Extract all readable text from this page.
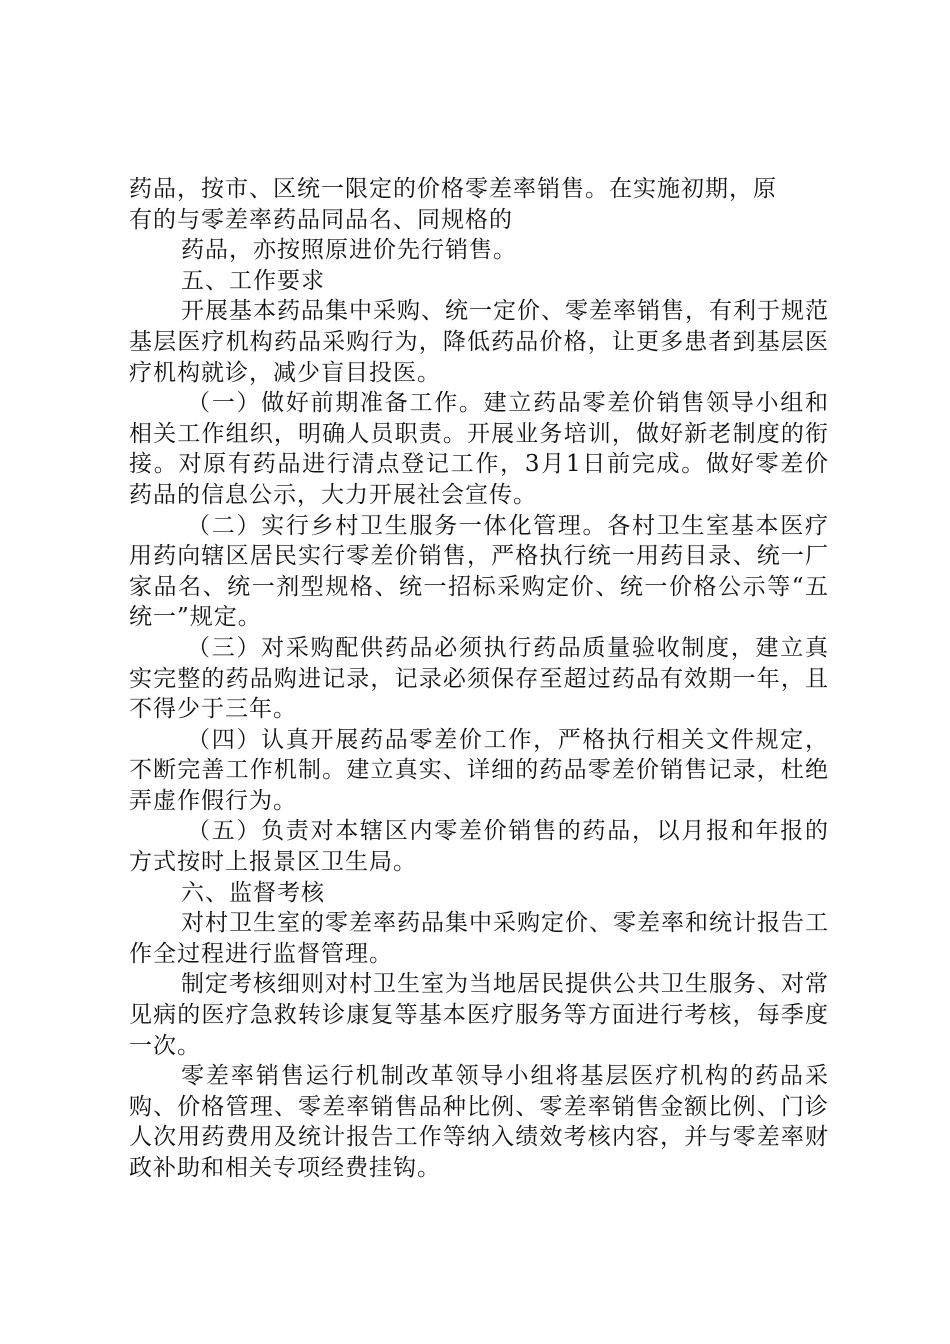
药品，按市、区统一限定的价格零差率销售。在实施初期，原
有的与零差率药品同品名、同规格的

药品，亦按照原进价先行销售。

五、工作要求

开展基本药品集中采购、统一定价、零差率销售，有利于规范基层医疗机构药品采购行为，降低药品价格，让更多患者到基层医疗机构就诊，减少盲目投医。

（一）做好前期准备工作。建立药品零差价销售领导小组和相关工作组织，明确人员职责。开展业务培训，做好新老制度的衔接。对原有药品进行清点登记工作，3月1日前完成。做好零差价药品的信息公示，大力开展社会宣传。

（二）实行乡村卫生服务一体化管理。各村卫生室基本医疗用药向辖区居民实行零差价销售，严格执行统一用药目录、统一厂家品名、统一剂型规格、统一招标采购定价、统一价格公示等“五统一”规定。

（三）对采购配供药品必须执行药品质量验收制度，建立真实完整的药品购进记录，记录必须保存至超过药品有效期一年，且不得少于三年。

（四）认真开展药品零差价工作，严格执行相关文件规定，不断完善工作机制。建立真实、详细的药品零差价销售记录，杜绝弄虚作假行为。

（五）负责对本辖区内零差价销售的药品，以月报和年报的方式按时上报景区卫生局。

六、监督考核

对村卫生室的零差率药品集中采购定价、零差率和统计报告工作全过程进行监督管理。

制定考核细则对村卫生室为当地居民提供公共卫生服务、对常见病的医疗急救转诊康复等基本医疗服务等方面进行考核，每季度一次。

零差率销售运行机制改革领导小组将基层医疗机构的药品采购、价格管理、零差率销售品种比例、零差率销售金额比例、门诊人次用药费用及统计报告工作等纳入绩效考核内容，并与零差率财政补助和相关专项经费挂钩。
